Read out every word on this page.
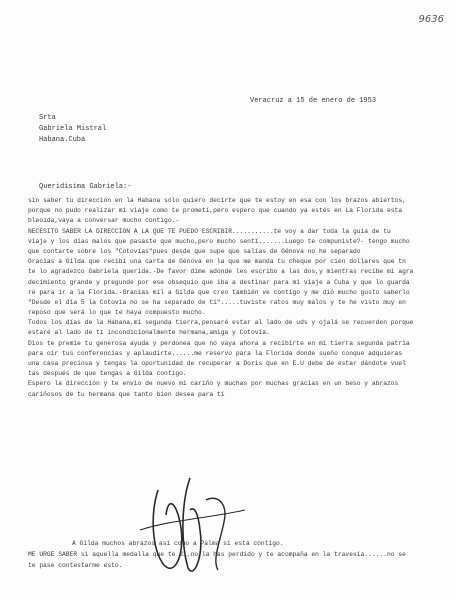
9636
Veracruz a 15 de enero de 1953
Srta
Gabriela Mistral
Habana.Cuba
Queridisima Gabriela:-
sin saber tu dirección en la Habana sólo quiero decirte que te estoy en esa con los brazos abiertos,
porque no pudo realizar mi viaje como te prometí,pero espero que cuando ya estés en La Florida esta
bleoida,vaya a conversar mucho contigo.-
NECESITO SABER LA DIRECCION A LA QUE TE PUEDO ESCRIBIR...........te voy a dar toda la guía de tu
viaje y los días malos que pasaste que mucho,pero mucho sentí.......Luego te compuniste?- tengo mucho
que contarte sobre los "Cotovías"pues desde que supe que salías de Génova no he separado
Gracias a Gilda que recibí una carta de Génova en la que me manda tu cheque por cien dollares que tn
te lo agradezco Gabriela querida.-De favor dime adonde les escribo a las dos,y mientras recibe mi agra
decimiento grande y pregunde por ese obsequio que iba a destinar para mi viaje a Cuba y que lo guarda
ré para ir a la Florida.-Gracias mil a Gilda que creo también ve contigo y me dió mucho gusto saberlo
"Desde el día 5 la Cotovía no se ha separado de tí".....tuviste ratos muy malos y te he visto muy en
reposo que será lo que te haya compuesto mucho.
Todos los días de la Habana,mi segunda tierra,pensaré estar al lado de uds y ojalá se recuerden porque
estaré al lado de tí incondicionalmente hermana,amiga y Cotovía.
Dios te premie tu generosa ayuda y perdonea que no vaya ahora a recibirte en mi tierra segunda patria
para oír tus conferencias y aplaudirte......me reservo para la Florida donde sueño conque adquieras
una casa preciosa y tengas la oportunidad de recuperar a Doris que en E.U debe de estar dándote vuel
tas después de que tengas a Gilda contigo.
Espero la dirección y te envio de nuevo mi cariño y muchas por muchas gracias en un beso y abrazos
cariñosos de tu hermana que tanto bien desea para tí
A Gilda muchos abrazos así como a Palma si está contigo.
ME URGE SABER si aquella medalla que te dí,no la has perdido y te acompaña en la travesía......no se
te pase contestarme esto.
